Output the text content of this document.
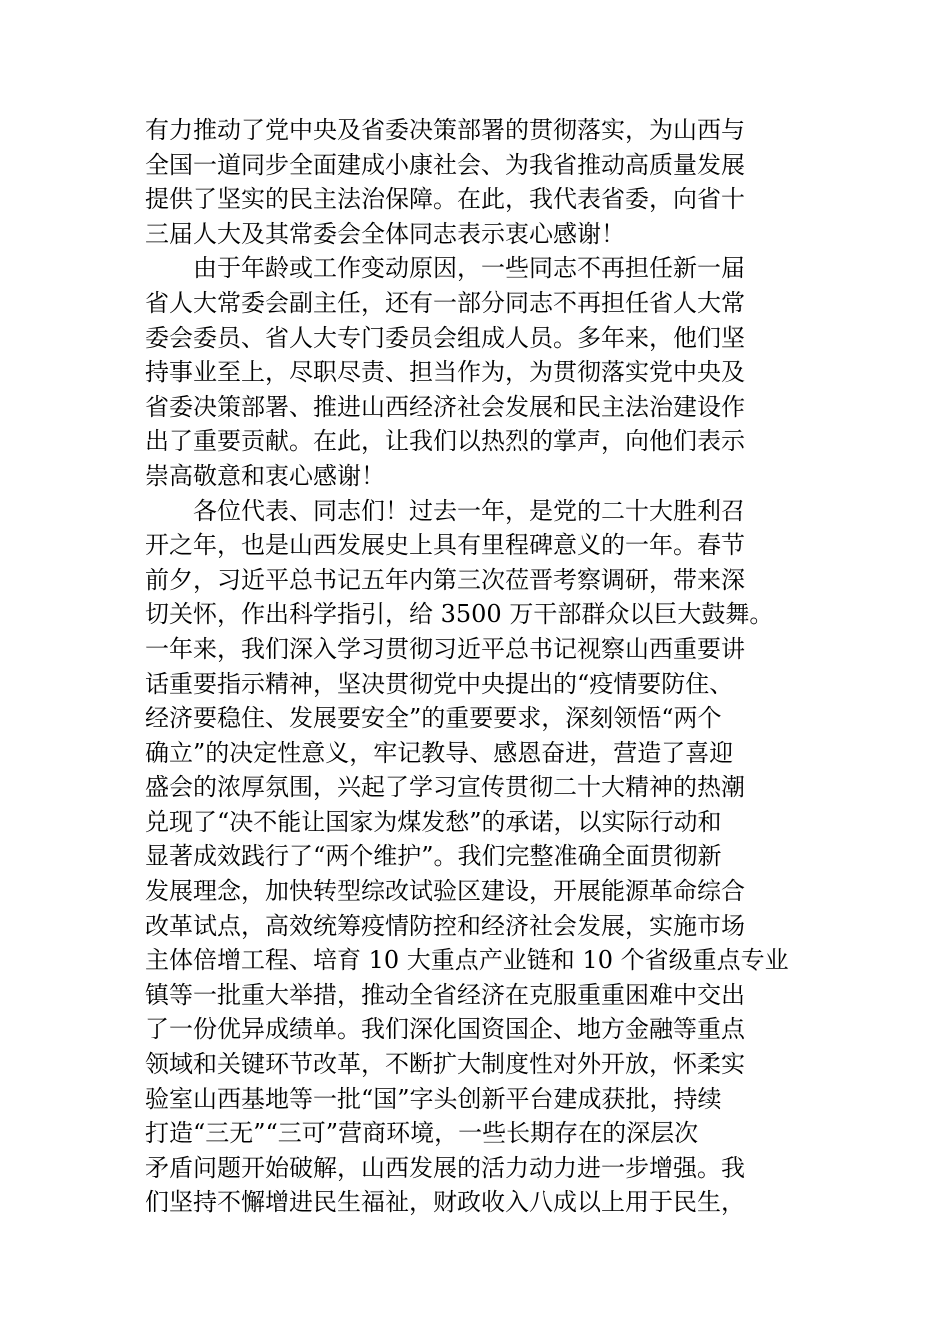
有力推动了党中央及省委决策部署的贯彻落实，为山西与
全国一道同步全面建成小康社会、为我省推动高质量发展
提供了坚实的民主法治保障。在此，我代表省委，向省十
三届人大及其常委会全体同志表示衷心感谢！
由于年龄或工作变动原因，一些同志不再担任新一届
省人大常委会副主任，还有一部分同志不再担任省人大常
委会委员、省人大专门委员会组成人员。多年来，他们坚
持事业至上，尽职尽责、担当作为，为贯彻落实党中央及
省委决策部署、推进山西经济社会发展和民主法治建设作
出了重要贡献。在此，让我们以热烈的掌声，向他们表示
崇高敬意和衷心感谢！
各位代表、同志们！过去一年，是党的二十大胜利召
开之年，也是山西发展史上具有里程碑意义的一年。春节
前夕，习近平总书记五年内第三次莅晋考察调研，带来深
切关怀，作出科学指引，给 3500 万干部群众以巨大鼓舞。
一年来，我们深入学习贯彻习近平总书记视察山西重要讲
话重要指示精神，坚决贯彻党中央提出的“疫情要防住、
经济要稳住、发展要安全”的重要要求，深刻领悟“两个
确立”的决定性意义，牢记教导、感恩奋进，营造了喜迎
盛会的浓厚氛围，兴起了学习宣传贯彻二十大精神的热潮
兑现了“决不能让国家为煤发愁”的承诺，以实际行动和
显著成效践行了“两个维护”。我们完整准确全面贯彻新
发展理念，加快转型综改试验区建设，开展能源革命综合
改革试点，高效统筹疫情防控和经济社会发展，实施市场
主体倍增工程、培育 10 大重点产业链和 10 个省级重点专业
镇等一批重大举措，推动全省经济在克服重重困难中交出
了一份优异成绩单。我们深化国资国企、地方金融等重点
领域和关键环节改革，不断扩大制度性对外开放，怀柔实
验室山西基地等一批“国”字头创新平台建成获批，持续
打造“三无”“三可”营商环境，一些长期存在的深层次
矛盾问题开始破解，山西发展的活力动力进一步增强。我
们坚持不懈增进民生福祉，财政收入八成以上用于民生，
